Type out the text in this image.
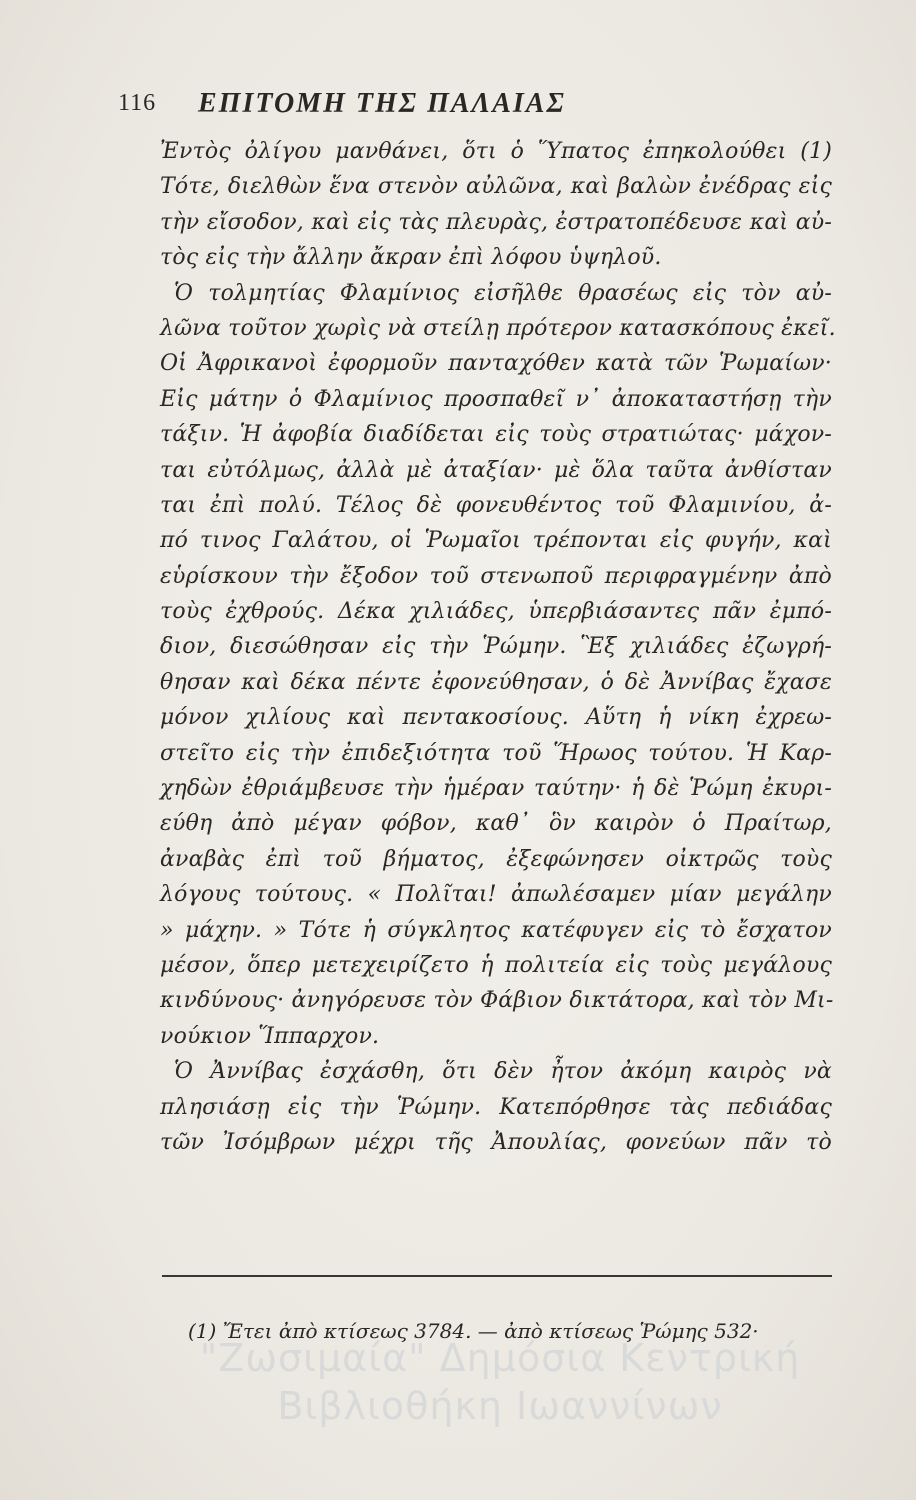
116 ΕΠΙΤΟΜΗ ΤΗΣ ΠΑΛΑΙΑΣ
Ἐντὸς ὀλίγου μανθάνει, ὅτι ὁ Ὕπατος ἐπηκολούθει (1)
Τότε, διελθὼν ἕνα στενὸν αὐλῶνα, καὶ βαλὼν ἐνέδρας εἰς
τὴν εἴσοδον, καὶ εἰς τὰς πλευρὰς, ἐστρατοπέδευσε καὶ αὐ-
τὸς εἰς τὴν ἄλλην ἄκραν ἐπὶ λόφου ὑψηλοῦ.
Ὁ τολμητίας Φλαμίνιος εἰσῆλθε θρασέως εἰς τὸν αὐ-
λῶνα τοῦτον χωρὶς νὰ στείλῃ πρότερον κατασκόπους ἐκεῖ.
Οἱ Ἀφρικανοὶ ἐφορμοῦν πανταχόθεν κατὰ τῶν Ῥωμαίων·
Εἰς μάτην ὁ Φλαμίνιος προσπαθεῖ ν᾽ ἀποκαταστήσῃ τὴν
τάξιν. Ἡ ἀφοβία διαδίδεται εἰς τοὺς στρατιώτας· μάχον-
ται εὐτόλμως, ἀλλὰ μὲ ἀταξίαν· μὲ ὅλα ταῦτα ἀνθίσταν
ται ἐπὶ πολύ. Τέλος δὲ φονευθέντος τοῦ Φλαμινίου, ἀ-
πό τινος Γαλάτου, οἱ Ῥωμαῖοι τρέπονται εἰς φυγήν, καὶ
εὑρίσκουν τὴν ἔξοδον τοῦ στενωποῦ περιφραγμένην ἀπὸ
τοὺς ἐχθρούς. Δέκα χιλιάδες, ὑπερβιάσαντες πᾶν ἐμπό-
διον, διεσώθησαν εἰς τὴν Ῥώμην. Ἓξ χιλιάδες ἐζωγρή-
θησαν καὶ δέκα πέντε ἐφονεύθησαν, ὁ δὲ Ἀννίβας ἔχασε
μόνον χιλίους καὶ πεντακοσίους. Αὕτη ἡ νίκη ἐχρεω-
στεῖτο εἰς τὴν ἐπιδεξιότητα τοῦ Ἥρωος τούτου. Ἡ Καρ-
χηδὼν ἐθριάμβευσε τὴν ἡμέραν ταύτην· ἡ δὲ Ῥώμη ἐκυρι-
εύθη ἀπὸ μέγαν φόβον, καθ᾽ ὃν καιρὸν ὁ Πραίτωρ,
ἀναβὰς ἐπὶ τοῦ βήματος, ἐξεφώνησεν οἰκτρῶς τοὺς
λόγους τούτους. « Πολῖται! ἀπωλέσαμεν μίαν μεγάλην
» μάχην. » Τότε ἡ σύγκλητος κατέφυγεν εἰς τὸ ἔσχατον
μέσον, ὅπερ μετεχειρίζετο ἡ πολιτεία εἰς τοὺς μεγάλους
κινδύνους· ἀνηγόρευσε τὸν Φάβιον δικτάτορα, καὶ τὸν Μι-
νούκιον Ἵππαρχον.
Ὁ Ἀννίβας ἐσχάσθη, ὅτι δὲν ἦτον ἀκόμη καιρὸς νὰ
πλησιάσῃ εἰς τὴν Ῥώμην. Κατεπόρθησε τὰς πεδιάδας
τῶν Ἰσόμβρων μέχρι τῆς Ἀπουλίας, φονεύων πᾶν τὸ
(1) Ἔτει ἀπὸ κτίσεως 3784. — ἀπὸ κτίσεως Ῥώμης 532·
"Ζωσιμαία" Δημόσια Κεντρική
Βιβλιοθήκη Ιωαννίνων
